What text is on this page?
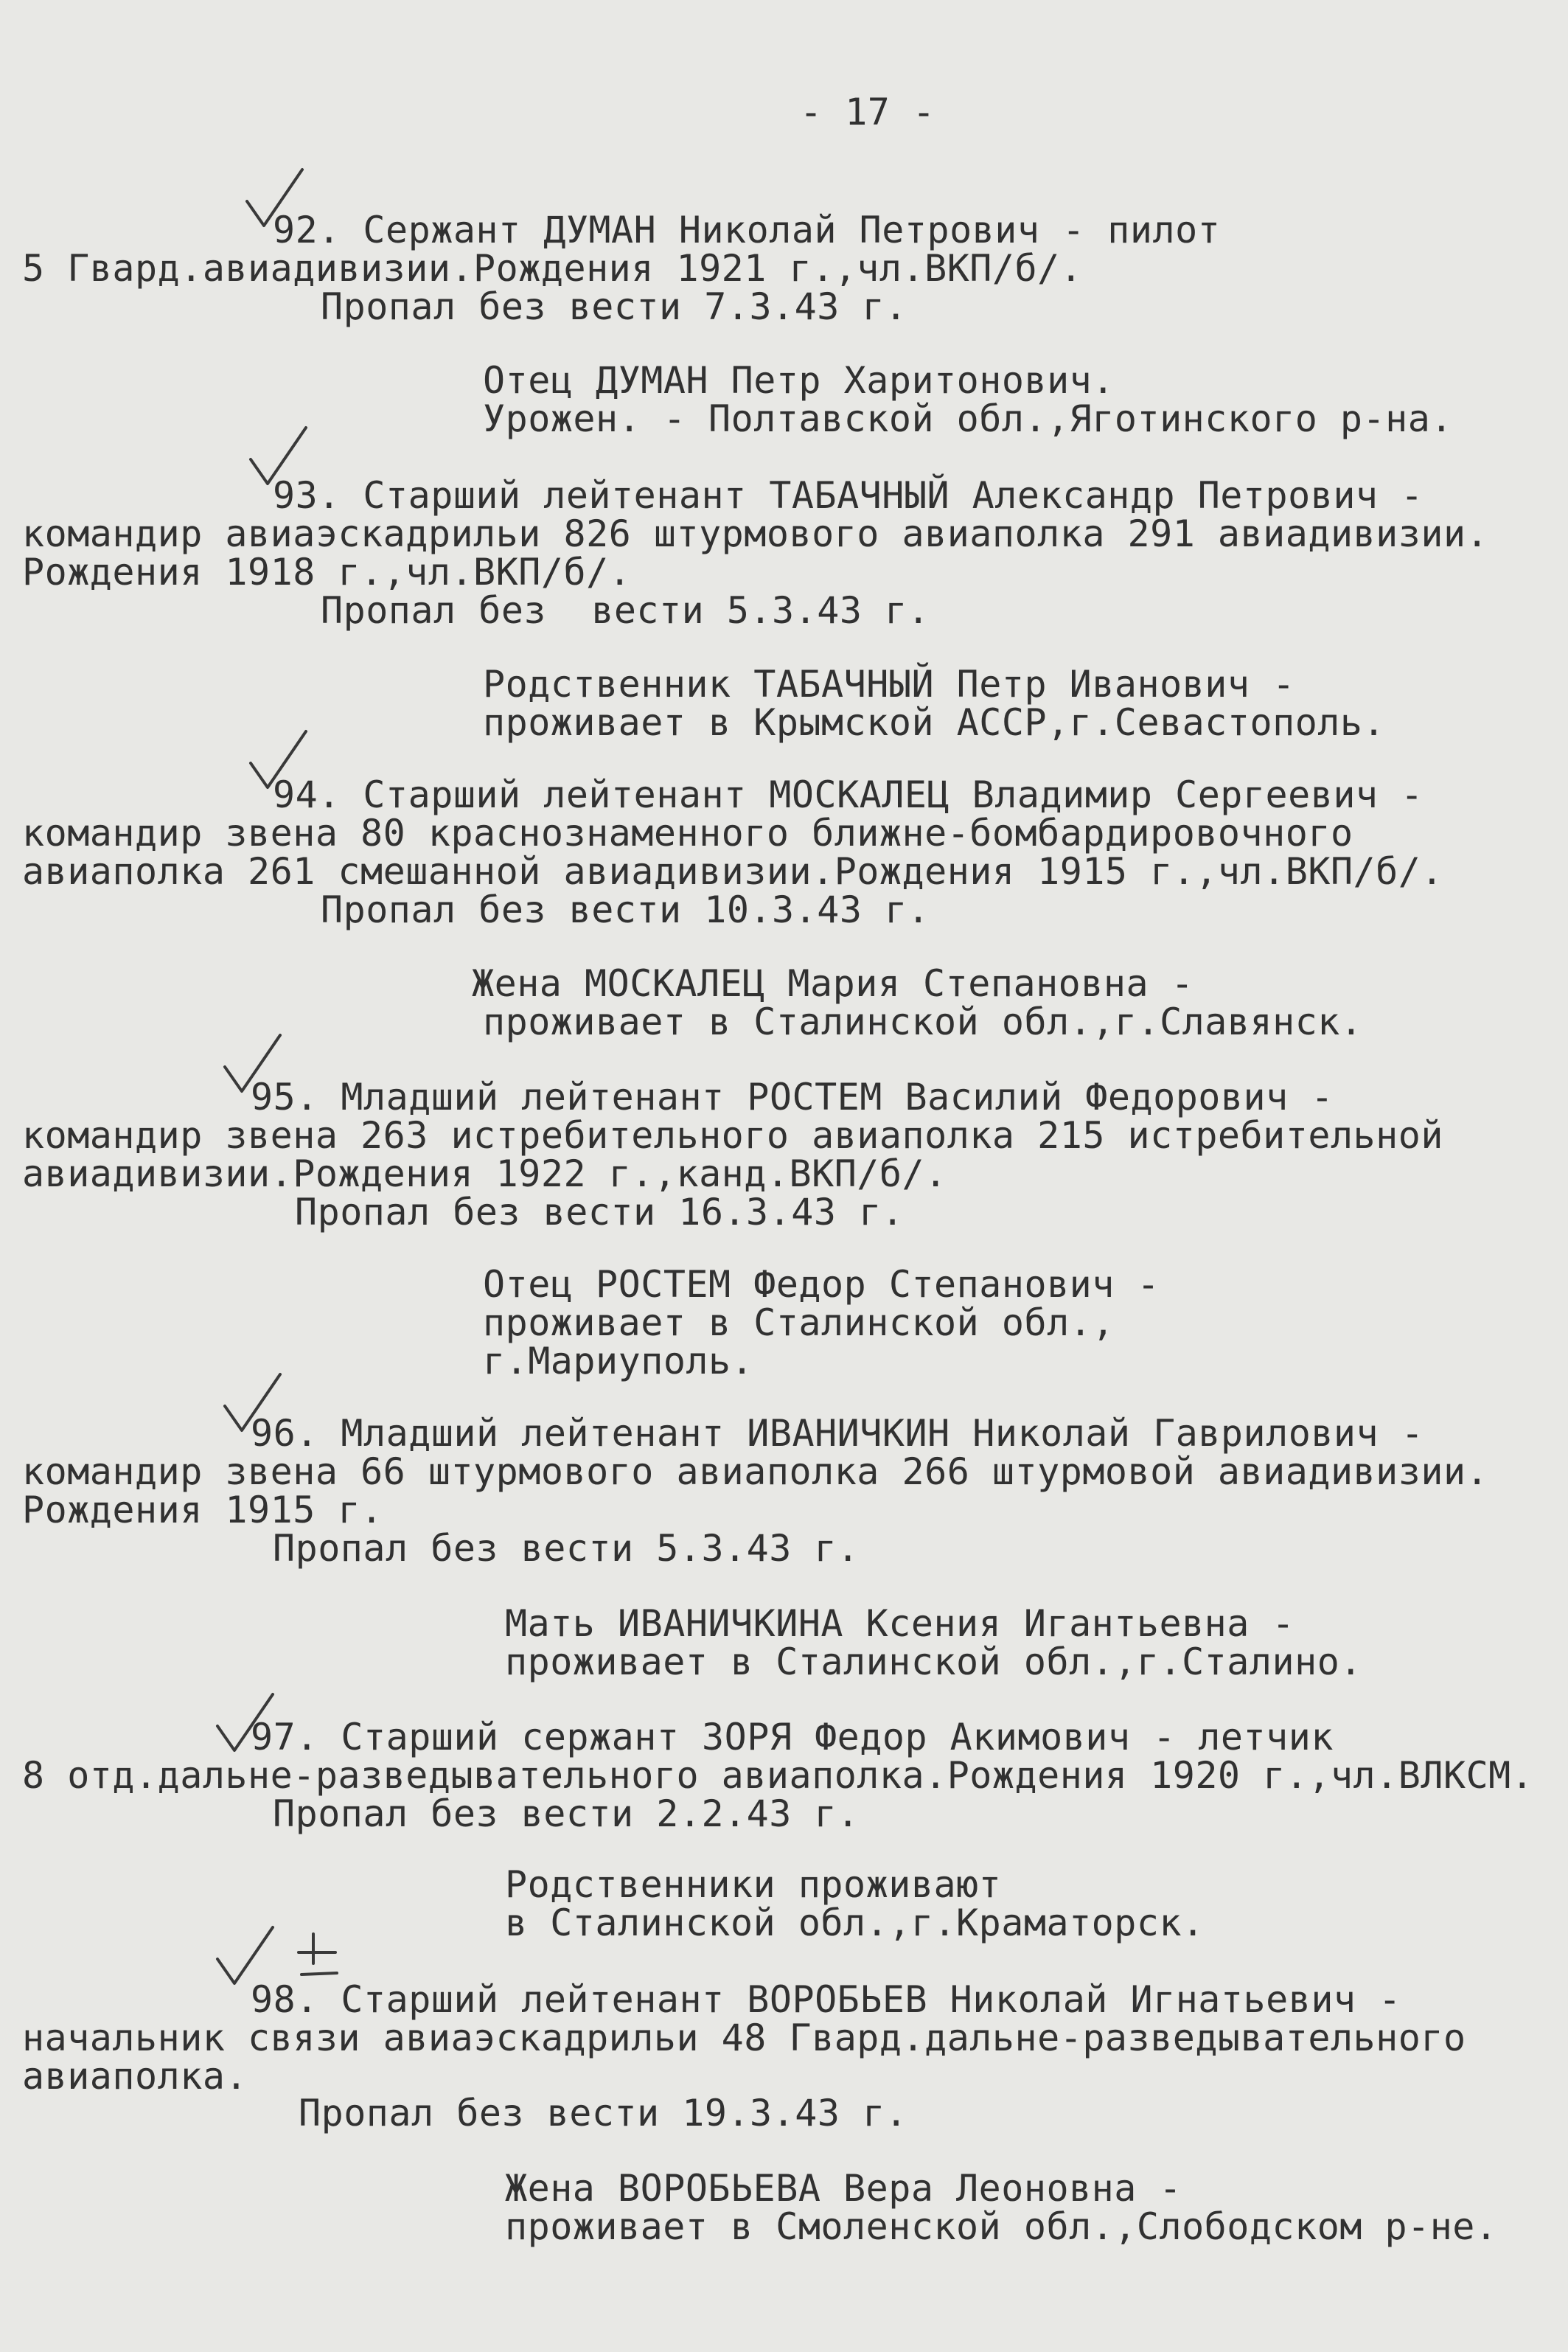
- 17 -
92. Сержант ДУМАН Николай Петрович - пилот
5 Гвард.авиадивизии.Рождения 1921 г.,чл.ВКП/б/.
Пропал без вести 7.3.43 г.
Отец ДУМАН Петр Харитонович.
Урожен. - Полтавской обл.,Яготинского р-на.
93. Старший лейтенант ТАБАЧНЫЙ Александр Петрович -
командир авиаэскадрильи 826 штурмового авиаполка 291 авиадивизии.
Рождения 1918 г.,чл.ВКП/б/.
Пропал без  вести 5.3.43 г.
Родственник ТАБАЧНЫЙ Петр Иванович -
проживает в Крымской АССР,г.Севастополь.
94. Старший лейтенант МОСКАЛЕЦ Владимир Сергеевич -
командир звена 80 краснознаменного ближне-бомбардировочного
авиаполка 261 смешанной авиадивизии.Рождения 1915 г.,чл.ВКП/б/.
Пропал без вести 10.3.43 г.
Жена МОСКАЛЕЦ Мария Степановна -
проживает в Сталинской обл.,г.Славянск.
95. Младший лейтенант РОСТЕМ Василий Федорович -
командир звена 263 истребительного авиаполка 215 истребительной
авиадивизии.Рождения 1922 г.,канд.ВКП/б/.
Пропал без вести 16.3.43 г.
Отец РОСТЕМ Федор Степанович -
проживает в Сталинской обл.,
г.Мариуполь.
96. Младший лейтенант ИВАНИЧКИН Николай Гаврилович -
командир звена 66 штурмового авиаполка 266 штурмовой авиадивизии.
Рождения 1915 г.
Пропал без вести 5.3.43 г.
Мать ИВАНИЧКИНА Ксения Игантьевна -
проживает в Сталинской обл.,г.Сталино.
97. Старший сержант ЗОРЯ Федор Акимович - летчик
8 отд.дальне-разведывательного авиаполка.Рождения 1920 г.,чл.ВЛКСМ.
Пропал без вести 2.2.43 г.
Родственники проживают
в Сталинской обл.,г.Краматорск.
98. Старший лейтенант ВОРОБЬЕВ Николай Игнатьевич -
начальник связи авиаэскадрильи 48 Гвард.дальне-разведывательного
авиаполка.
Пропал без вести 19.3.43 г.
Жена ВОРОБЬЕВА Вера Леоновна -
проживает в Смоленской обл.,Слободском р-не.
